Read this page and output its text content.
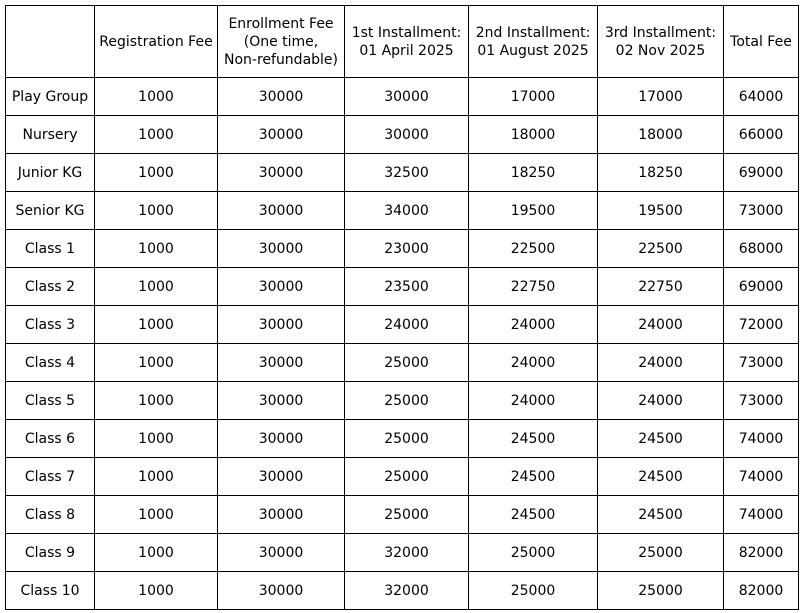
	Registration Fee	Enrollment Fee
(One time,
Non-refundable)	1st Installment:
01 April 2025	2nd Installment:
01 August 2025	3rd Installment:
02 Nov 2025	Total Fee

Play Group	1000	30000	30000	17000	17000	64000
Nursery	1000	30000	30000	18000	18000	66000
Junior KG	1000	30000	32500	18250	18250	69000
Senior KG	1000	30000	34000	19500	19500	73000
Class 1	1000	30000	23000	22500	22500	68000
Class 2	1000	30000	23500	22750	22750	69000
Class 3	1000	30000	24000	24000	24000	72000
Class 4	1000	30000	25000	24000	24000	73000
Class 5	1000	30000	25000	24000	24000	73000
Class 6	1000	30000	25000	24500	24500	74000
Class 7	1000	30000	25000	24500	24500	74000
Class 8	1000	30000	25000	24500	24500	74000
Class 9	1000	30000	32000	25000	25000	82000
Class 10	1000	30000	32000	25000	25000	82000
